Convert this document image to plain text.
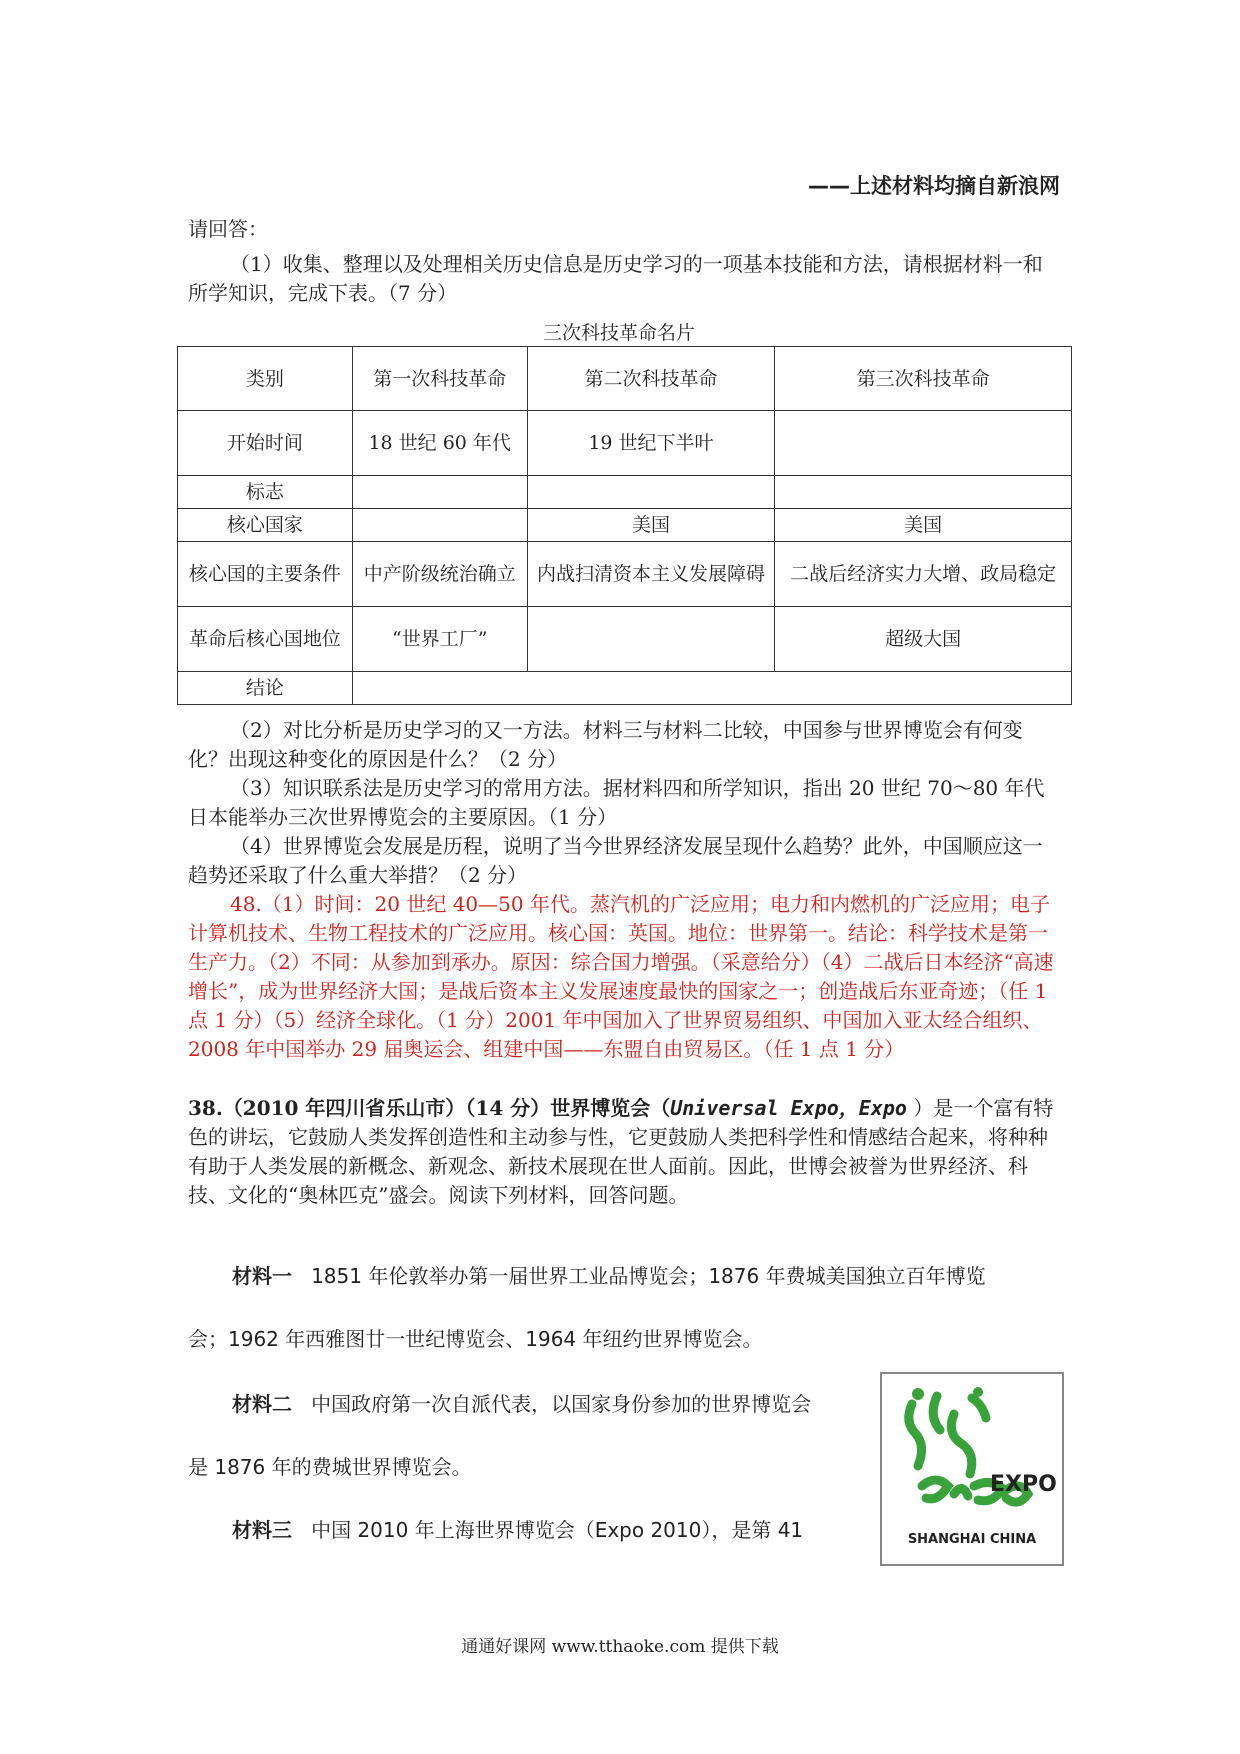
——上述材料均摘自新浪网
请回答：
（1）收集、整理以及处理相关历史信息是历史学习的一项基本技能和方法，请根据材料一和所学知识，完成下表。（7 分）
三次科技革命名片
类别	第一次科技革命	第二次科技革命	第三次科技革命
开始时间	18 世纪 60 年代	19 世纪下半叶	
标志			
核心国家		美国	美国
核心国的主要条件	中产阶级统治确立	内战扫清资本主义发展障碍	二战后经济实力大增、政局稳定
革命后核心国地位	“世界工厂”		超级大国
结论			
（2）对比分析是历史学习的又一方法。材料三与材料二比较，中国参与世界博览会有何变化？出现这种变化的原因是什么？（2 分）
（3）知识联系法是历史学习的常用方法。据材料四和所学知识，指出 20 世纪 70～80 年代日本能举办三次世界博览会的主要原因。（1 分）
（4）世界博览会发展是历程，说明了当今世界经济发展呈现什么趋势？此外，中国顺应这一趋势还采取了什么重大举措？（2 分）
48.（1）时间：20 世纪 40—50 年代。蒸汽机的广泛应用；电力和内燃机的广泛应用；电子计算机技术、生物工程技术的广泛应用。核心国：英国。地位：世界第一。结论：科学技术是第一生产力。（2）不同：从参加到承办。原因：综合国力增强。（采意给分）（4）二战后日本经济“高速增长”，成为世界经济大国；是战后资本主义发展速度最快的国家之一；创造战后东亚奇迹；（任 1 点 1 分）（5）经济全球化。（1 分）2001 年中国加入了世界贸易组织、中国加入亚太经合组织、2008 年中国举办 29 届奥运会、组建中国——东盟自由贸易区。（任 1 点 1 分）
38.（2010 年四川省乐山市）（14 分）世界博览会（Universal Expo，Expo ）是一个富有特色的讲坛，它鼓励人类发挥创造性和主动参与性，它更鼓励人类把科学性和情感结合起来，将种种有助于人类发展的新概念、新观念、新技术展现在世人面前。因此，世博会被誉为世界经济、科技、文化的“奥林匹克”盛会。阅读下列材料，回答问题。
材料一 1851 年伦敦举办第一届世界工业品博览会；1876 年费城美国独立百年博览
会；1962 年西雅图廿一世纪博览会、1964 年纽约世界博览会。
材料二 中国政府第一次自派代表，以国家身份参加的世界博览会
是 1876 年的费城世界博览会。
材料三 中国 2010 年上海世界博览会（Expo 2010），是第 41
EXPO
SHANGHAI CHINA
通通好课网 www.tthaoke.com 提供下载
